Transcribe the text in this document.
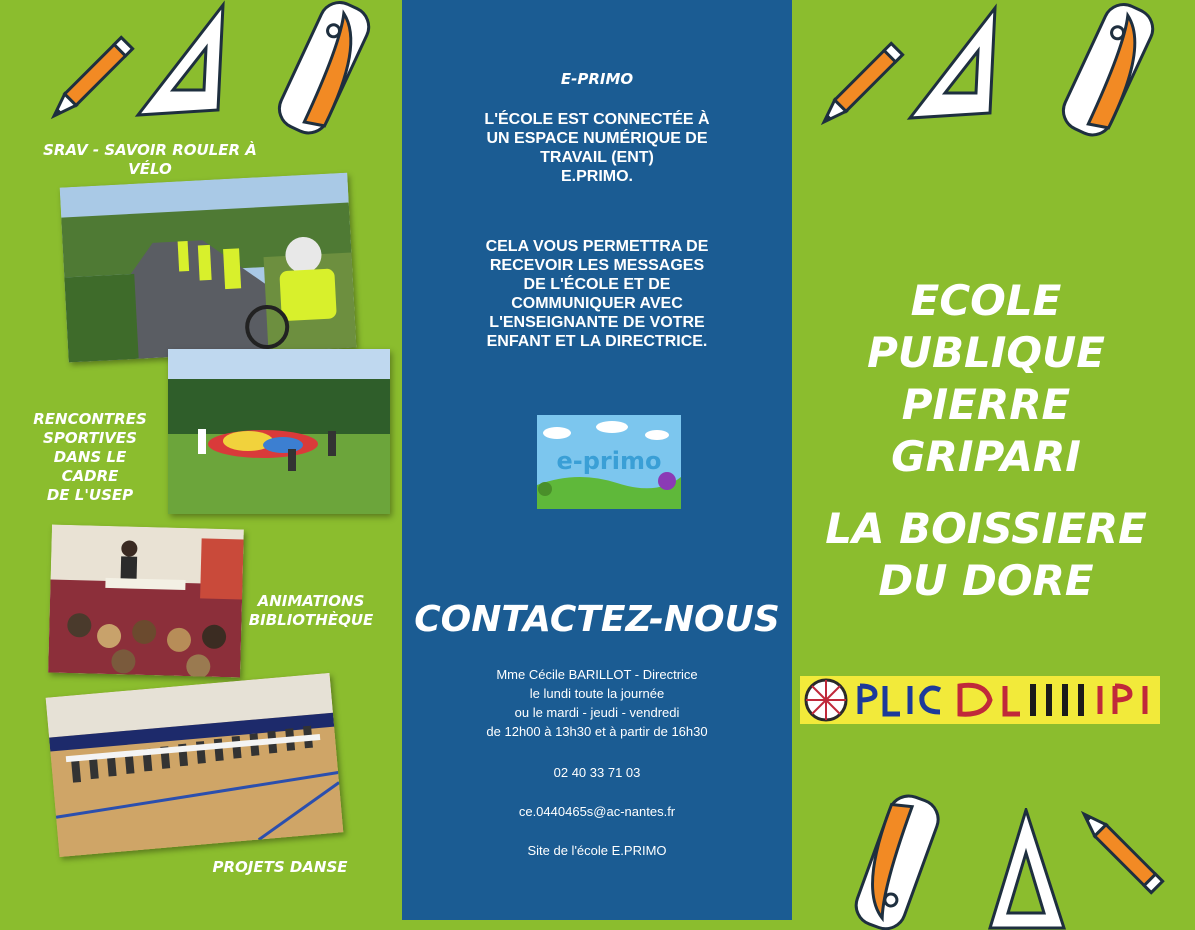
SRAV - SAVOIR ROULER À VÉLO
RENCONTRES
SPORTIVES
DANS LE CADRE
DE L'USEP
ANIMATIONS
BIBLIOTHÈQUE
PROJETS DANSE
E-PRIMO
L'ÉCOLE EST CONNECTÉE À
UN ESPACE NUMÉRIQUE DE
TRAVAIL (ENT)
E.PRIMO.
CELA VOUS PERMETTRA DE
RECEVOIR LES MESSAGES
DE L'ÉCOLE ET DE
COMMUNIQUER AVEC
L'ENSEIGNANTE DE VOTRE
ENFANT ET LA DIRECTRICE.
e-primo
CONTACTEZ-NOUS
Mme Cécile BARILLOT - Directrice
le lundi toute la journée
ou le mardi - jeudi - vendredi
de 12h00 à 13h30 et à partir de 16h30
02 40 33 71 03
ce.0440465s@ac-nantes.fr
Site de l'école E.PRIMO
ECOLE
PUBLIQUE
PIERRE GRIPARI
LA BOISSIERE
DU DORE
